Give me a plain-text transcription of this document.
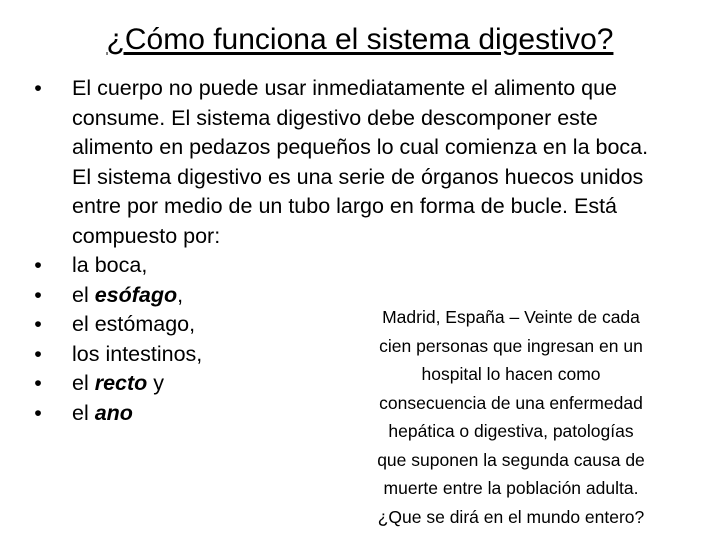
¿Cómo funciona el sistema digestivo?
• El cuerpo no puede usar inmediatamente el alimento que consume. El sistema digestivo debe descomponer este alimento en pedazos pequeños lo cual comienza en la boca. El sistema digestivo es una serie de órganos huecos unidos entre por medio de un tubo largo en forma de bucle. Está compuesto por:
• la boca,
• el esófago,
• el estómago,
• los intestinos,
• el recto y
• el ano
Madrid, España – Veinte de cada
cien personas que ingresan en un
hospital lo hacen como
consecuencia de una enfermedad
hepática o digestiva, patologías
que suponen la segunda causa de
muerte entre la población adulta.
¿Que se dirá en el mundo entero?
